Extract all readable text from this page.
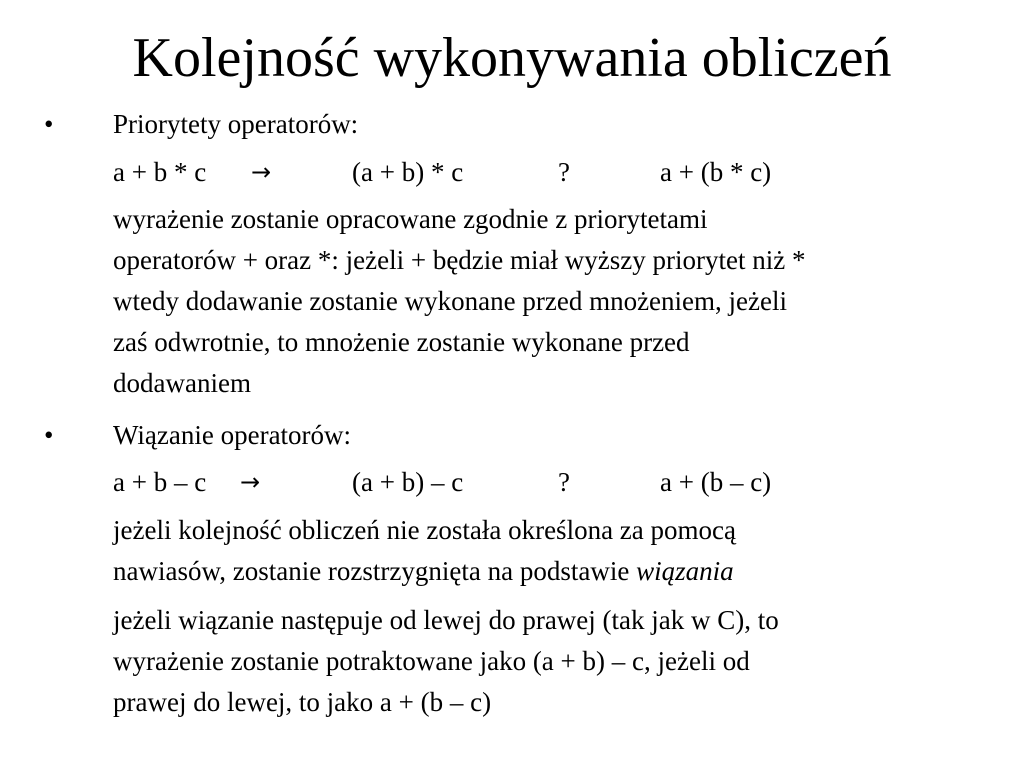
Kolejność wykonywania obliczeń
• Priorytety operatorów:
a + b * c →	(a + b) * c	?	a + (b * c)

wyrażenie zostanie opracowane zgodnie z priorytetami

operatorów + oraz *: jeżeli + będzie miał wyższy priorytet niż *

wtedy dodawanie zostanie wykonane przed mnożeniem, jeżeli

zaś odwrotnie, to mnożenie zostanie wykonane przed

dodawaniem

• Wiązanie operatorów:
a + b – c →	(a + b) – c	?	a + (b – c)

jeżeli kolejność obliczeń nie została określona za pomocą

nawiasów, zostanie rozstrzygnięta na podstawie wiązania

jeżeli wiązanie następuje od lewej do prawej (tak jak w C), to

wyrażenie zostanie potraktowane jako (a + b) – c, jeżeli od

prawej do lewej, to jako a + (b – c)
